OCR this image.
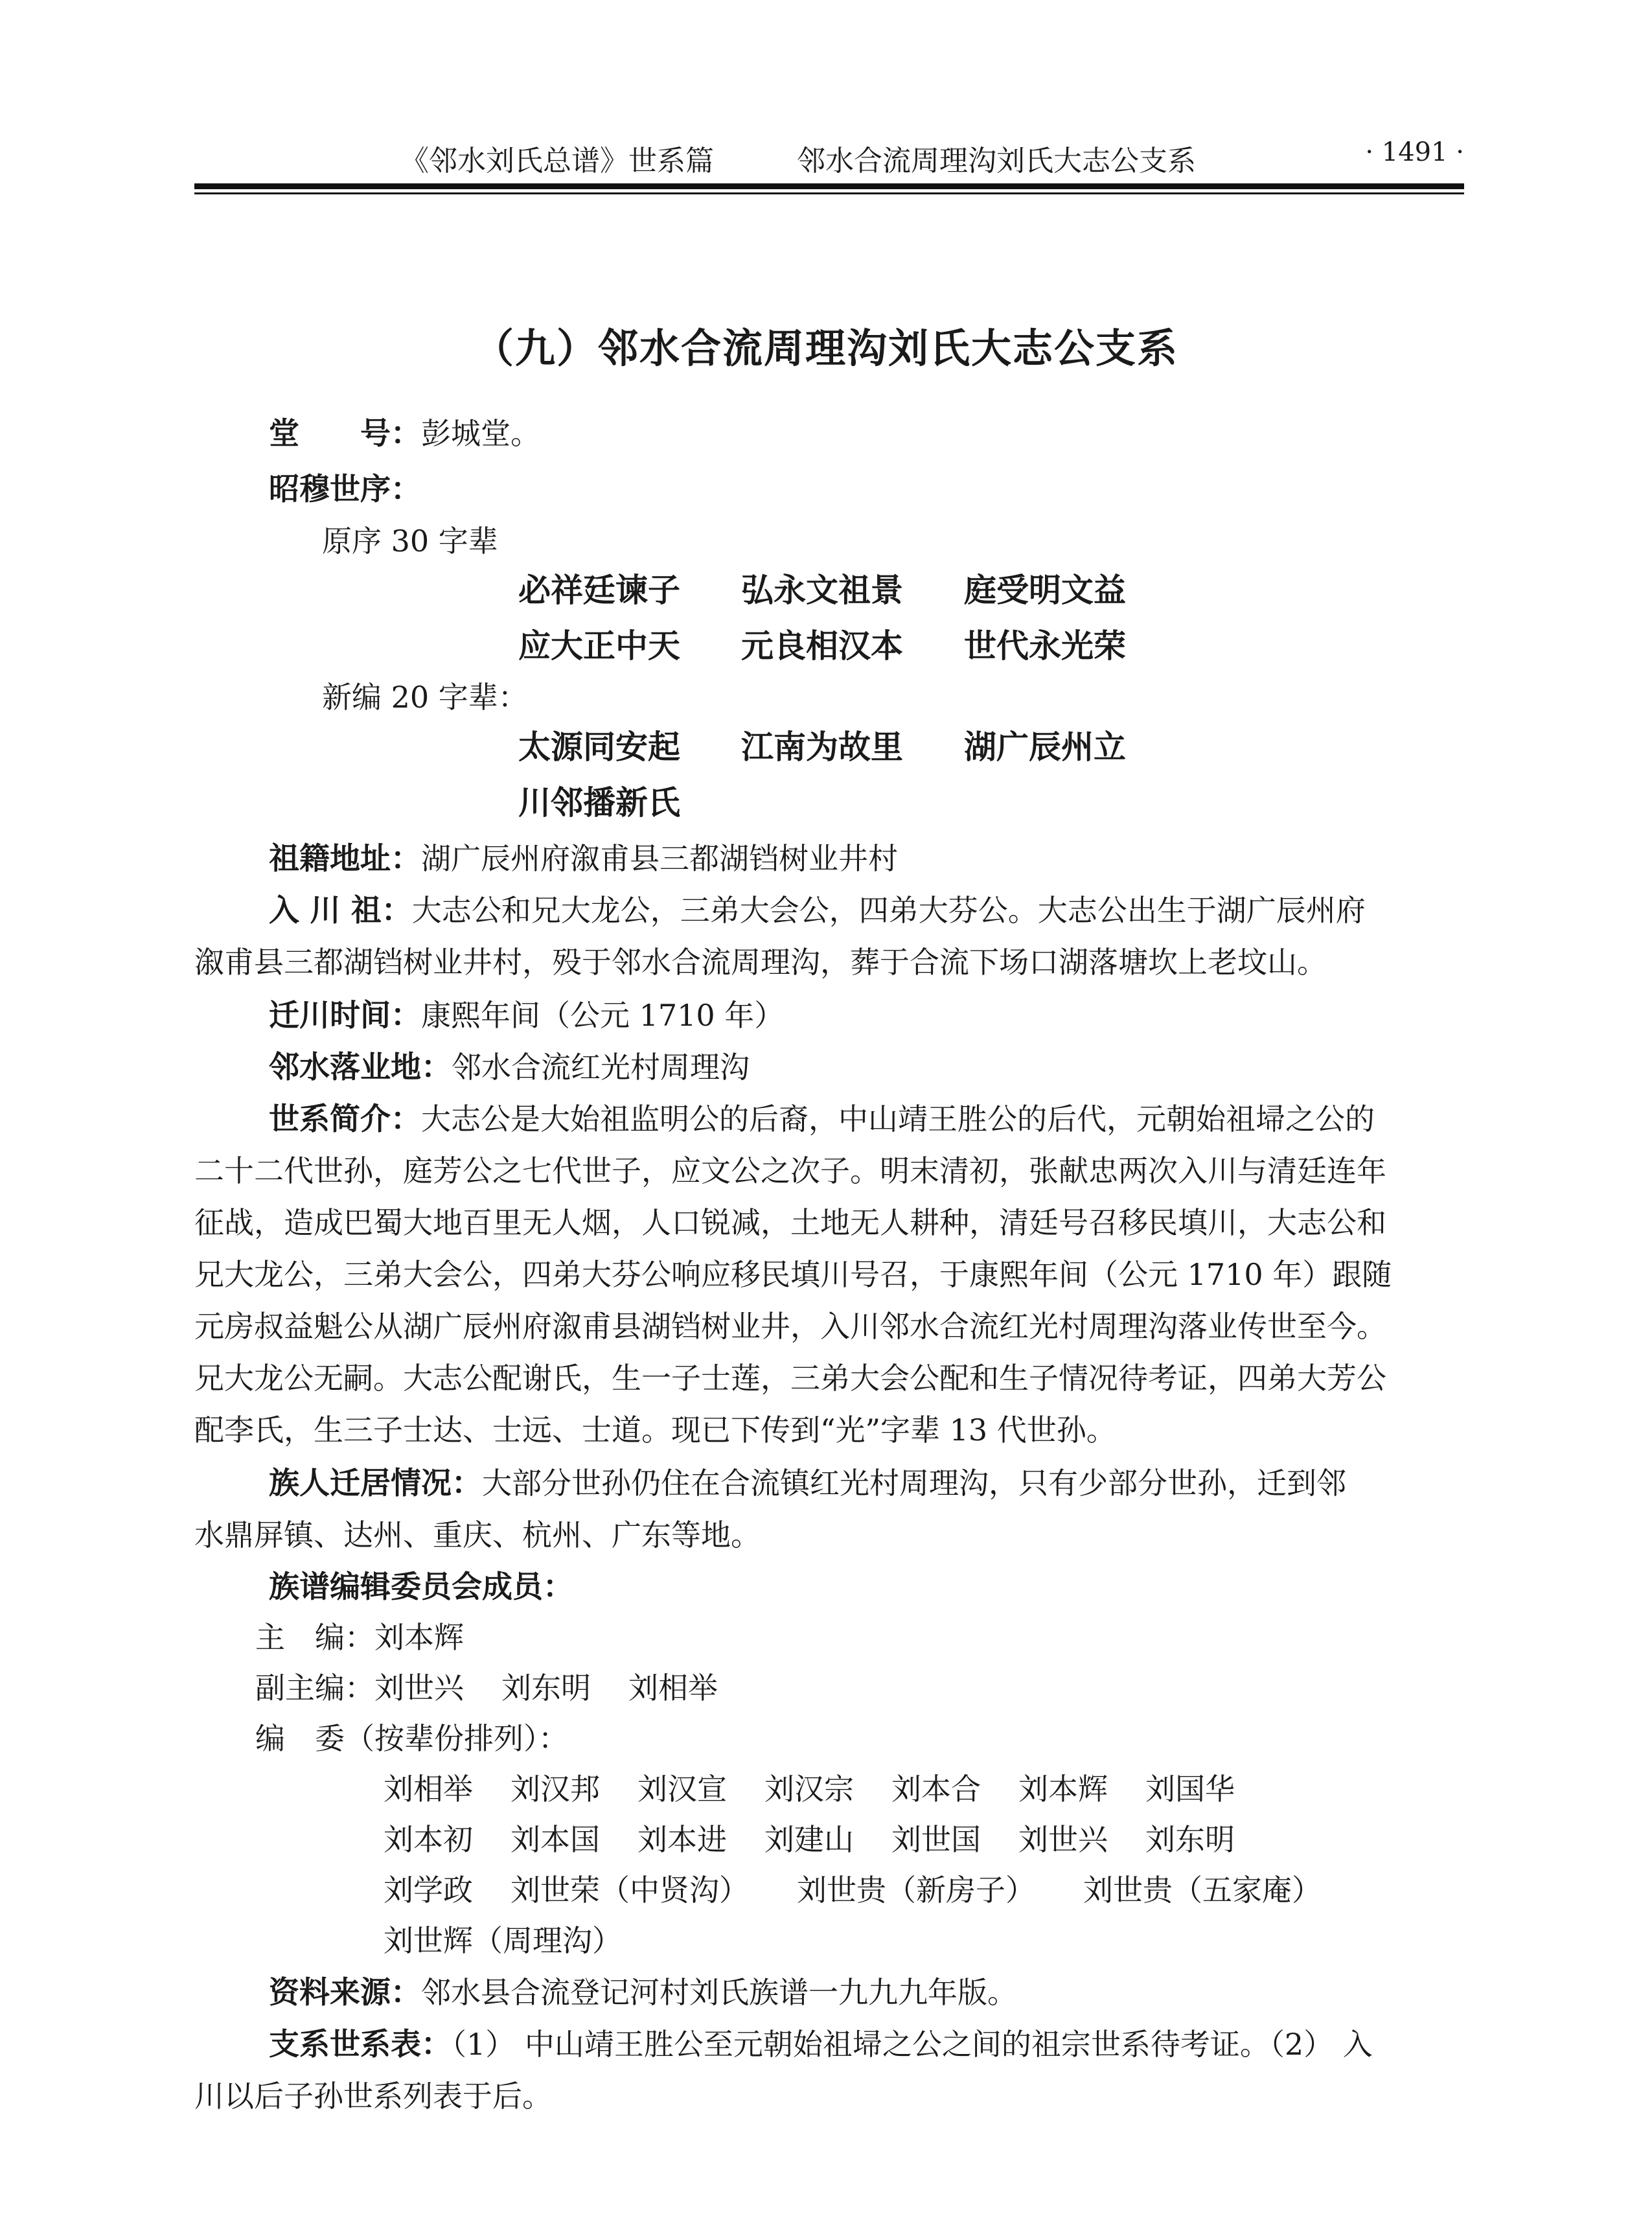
《邻水刘氏总谱》世系篇	邻水合流周理沟刘氏大志公支系	· 1491 ·
（九）邻水合流周理沟刘氏大志公支系
堂　　号：彭城堂。
昭穆世序：
原序 30 字辈
必祥廷谏子 弘永文祖景 庭受明文益
应大正中天 元良相汉本 世代永光荣
新编 20 字辈：
太源同安起 江南为故里 湖广辰州立
川邻播新氏
祖籍地址：湖广辰州府溆甫县三都湖铛树业井村
入 川 祖：大志公和兄大龙公，三弟大会公，四弟大芬公。大志公出生于湖广辰州府
溆甫县三都湖铛树业井村，殁于邻水合流周理沟，葬于合流下场口湖落塘坎上老坟山。
迁川时间：康熙年间（公元 1710 年）
邻水落业地：邻水合流红光村周理沟
世系简介：大志公是大始祖监明公的后裔，中山靖王胜公的后代，元朝始祖埽之公的
二十二代世孙，庭芳公之七代世子，应文公之次子。明末清初，张献忠两次入川与清廷连年
征战，造成巴蜀大地百里无人烟，人口锐减，土地无人耕种，清廷号召移民填川，大志公和
兄大龙公，三弟大会公，四弟大芬公响应移民填川号召，于康熙年间（公元 1710 年）跟随
元房叔益魁公从湖广辰州府溆甫县湖铛树业井，入川邻水合流红光村周理沟落业传世至今。
兄大龙公无嗣。大志公配谢氏，生一子士莲，三弟大会公配和生子情况待考证，四弟大芳公
配李氏，生三子士达、士远、士道。现已下传到“光”字辈 13 代世孙。
族人迁居情况：大部分世孙仍住在合流镇红光村周理沟，只有少部分世孙，迁到邻
水鼎屏镇、达州、重庆、杭州、广东等地。
族谱编辑委员会成员：
主　编：刘本辉
副主编：刘世兴 刘东明 刘相举
编　委（按辈份排列）：
刘相举 刘汉邦 刘汉宣 刘汉宗 刘本合 刘本辉 刘国华
刘本初 刘本国 刘本进 刘建山 刘世国 刘世兴 刘东明
刘学政 刘世荣（中贤沟） 刘世贵（新房子） 刘世贵（五家庵）
刘世辉（周理沟）
资料来源：邻水县合流登记河村刘氏族谱一九九九年版。
支系世系表：（1） 中山靖王胜公至元朝始祖埽之公之间的祖宗世系待考证。（2） 入
川以后子孙世系列表于后。
